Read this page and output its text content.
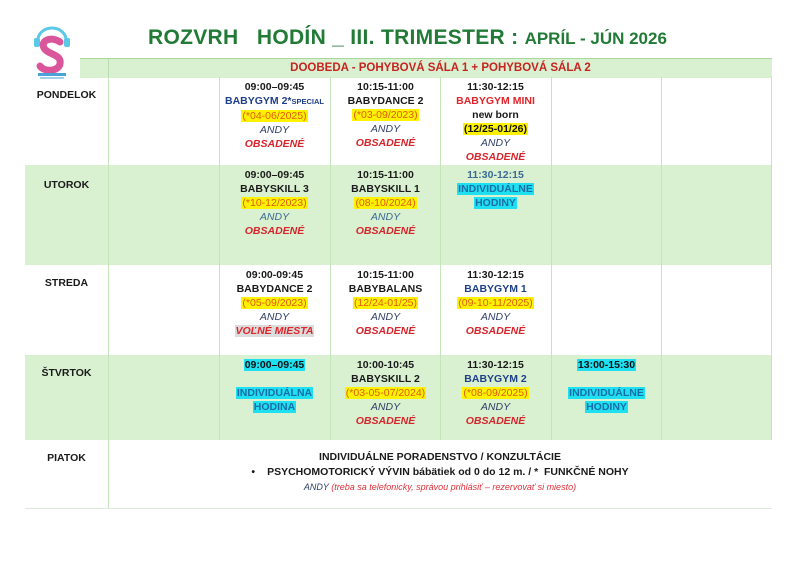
ROZVRH   HODÍN _ III. TRIMESTER : APRÍL - JÚN 2026
DOOBEDA - POHYBOVÁ SÁLA 1 + POHYBOVÁ SÁLA 2
PONDELOK
09:00–09:45
BABYGYM 2*SPECIAL
(*04-06/2025)
ANDY
OBSADENÉ
10:15-11:00
BABYDANCE 2
(*03-09/2023)
ANDY
OBSADENÉ
11:30-12:15
BABYGYM MINI
new born
(12/25-01/26)
ANDY
OBSADENÉ
UTOROK
09:00–09:45
BABYSKILL 3
(*10-12/2023)
ANDY
OBSADENÉ
10:15-11:00
BABYSKILL 1
(08-10/2024)
ANDY
OBSADENÉ
11:30-12:15
INDIVIDUÁLNE
HODINY
STREDA
09:00-09:45
BABYDANCE 2
(*05-09/2023)
ANDY
VOĽNÉ MIESTA
10:15-11:00
BABYBALANS
(12/24-01/25)
ANDY
OBSADENÉ
11:30-12:15
BABYGYM 1
(09-10-11/2025)
ANDY
OBSADENÉ
ŠTVRTOK
09:00–09:45

INDIVIDUÁLNA
HODINA
10:00-10:45
BABYSKILL 2
(*03-05-07/2024)
ANDY
OBSADENÉ
11:30-12:15
BABYGYM 2
(*08-09/2025)
ANDY
OBSADENÉ
13:00-15:30

INDIVIDUÁLNE
HODINY
PIATOK	INDIVIDUÁLNE PORADENSTVO / KONZULTÁCIE
• PSYCHOMOTORICKÝ VÝVIN bábätiek od 0 do 12 m. / *  FUNKČNÉ NOHY
ANDY (treba sa telefonicky, správou prihlásiť – rezervovať si miesto)
